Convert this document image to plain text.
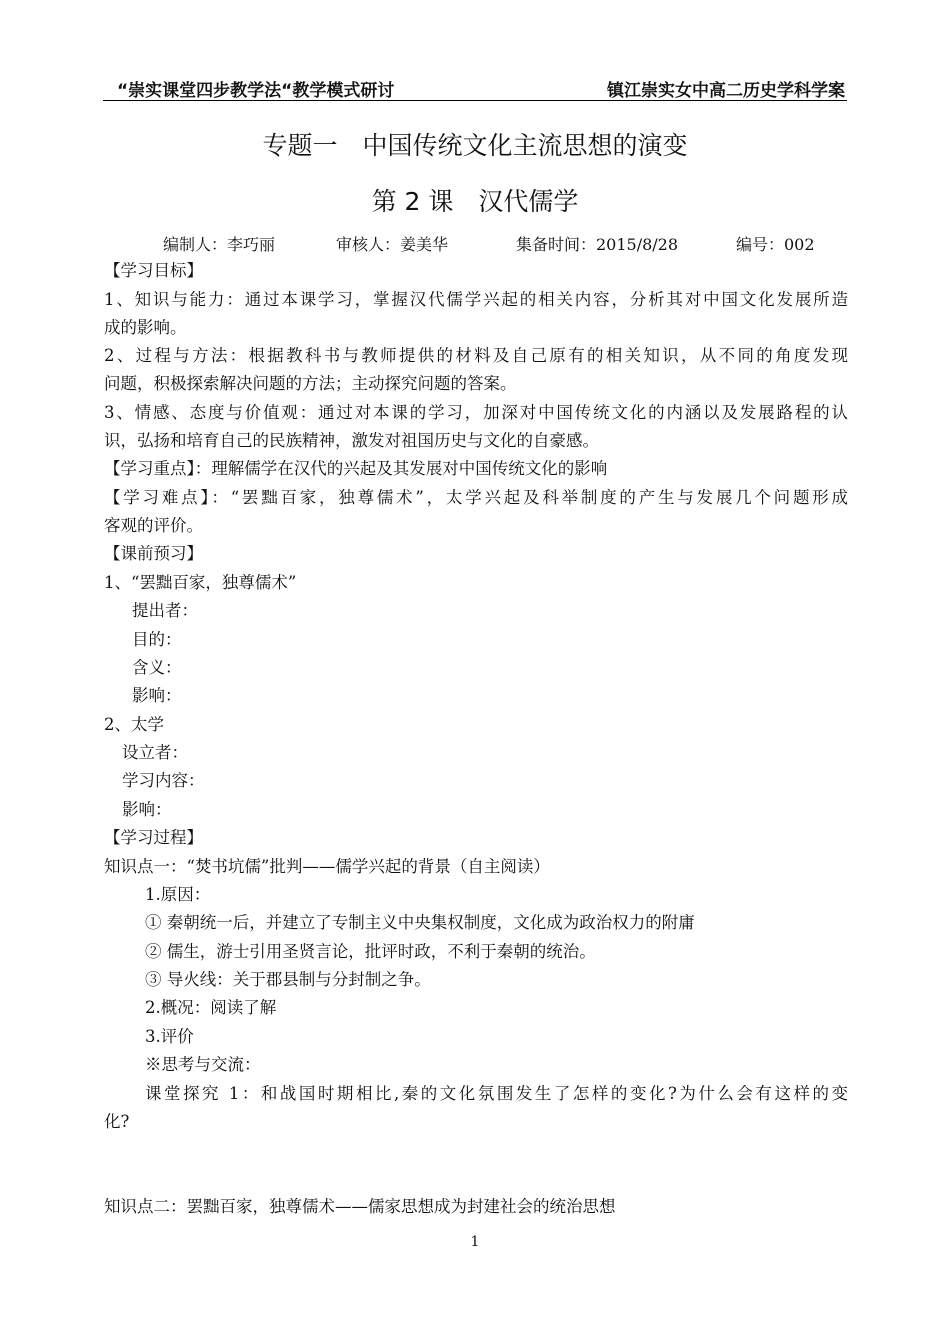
“崇实课堂四步教学法“教学模式研讨	镇江崇实女中高二历史学科学案
专题一　中国传统文化主流思想的演变
第 2 课　汉代儒学
编制人：李巧丽	审核人：姜美华	集备时间：2015/8/28	编号：002
【学习目标】
1、知识与能力：通过本课学习，掌握汉代儒学兴起的相关内容，分析其对中国文化发展所造
成的影响。
2、过程与方法：根据教科书与教师提供的材料及自己原有的相关知识，从不同的角度发现
问题，积极探索解决问题的方法；主动探究问题的答案。
3、情感、态度与价值观：通过对本课的学习，加深对中国传统文化的内涵以及发展路程的认
识，弘扬和培育自己的民族精神，激发对祖国历史与文化的自豪感。
【学习重点】：理解儒学在汉代的兴起及其发展对中国传统文化的影响
【学习难点】：“罢黜百家，独尊儒术”，太学兴起及科举制度的产生与发展几个问题形成
客观的评价。
【课前预习】
1、“罢黜百家，独尊儒术”
提出者：
目的：
含义：
影响：
2、太学
设立者：
学习内容：
影响：
【学习过程】
知识点一：“焚书坑儒”批判——儒学兴起的背景（自主阅读）
1.原因：
① 秦朝统一后，并建立了专制主义中央集权制度，文化成为政治权力的附庸
② 儒生，游士引用圣贤言论，批评时政，不利于秦朝的统治。
③ 导火线：关于郡县制与分封制之争。
2.概况：阅读了解
3.评价
※思考与交流：
课堂探究 1：和战国时期相比,秦的文化氛围发生了怎样的变化?为什么会有这样的变
化?
知识点二：罢黜百家，独尊儒术——儒家思想成为封建社会的统治思想
1
